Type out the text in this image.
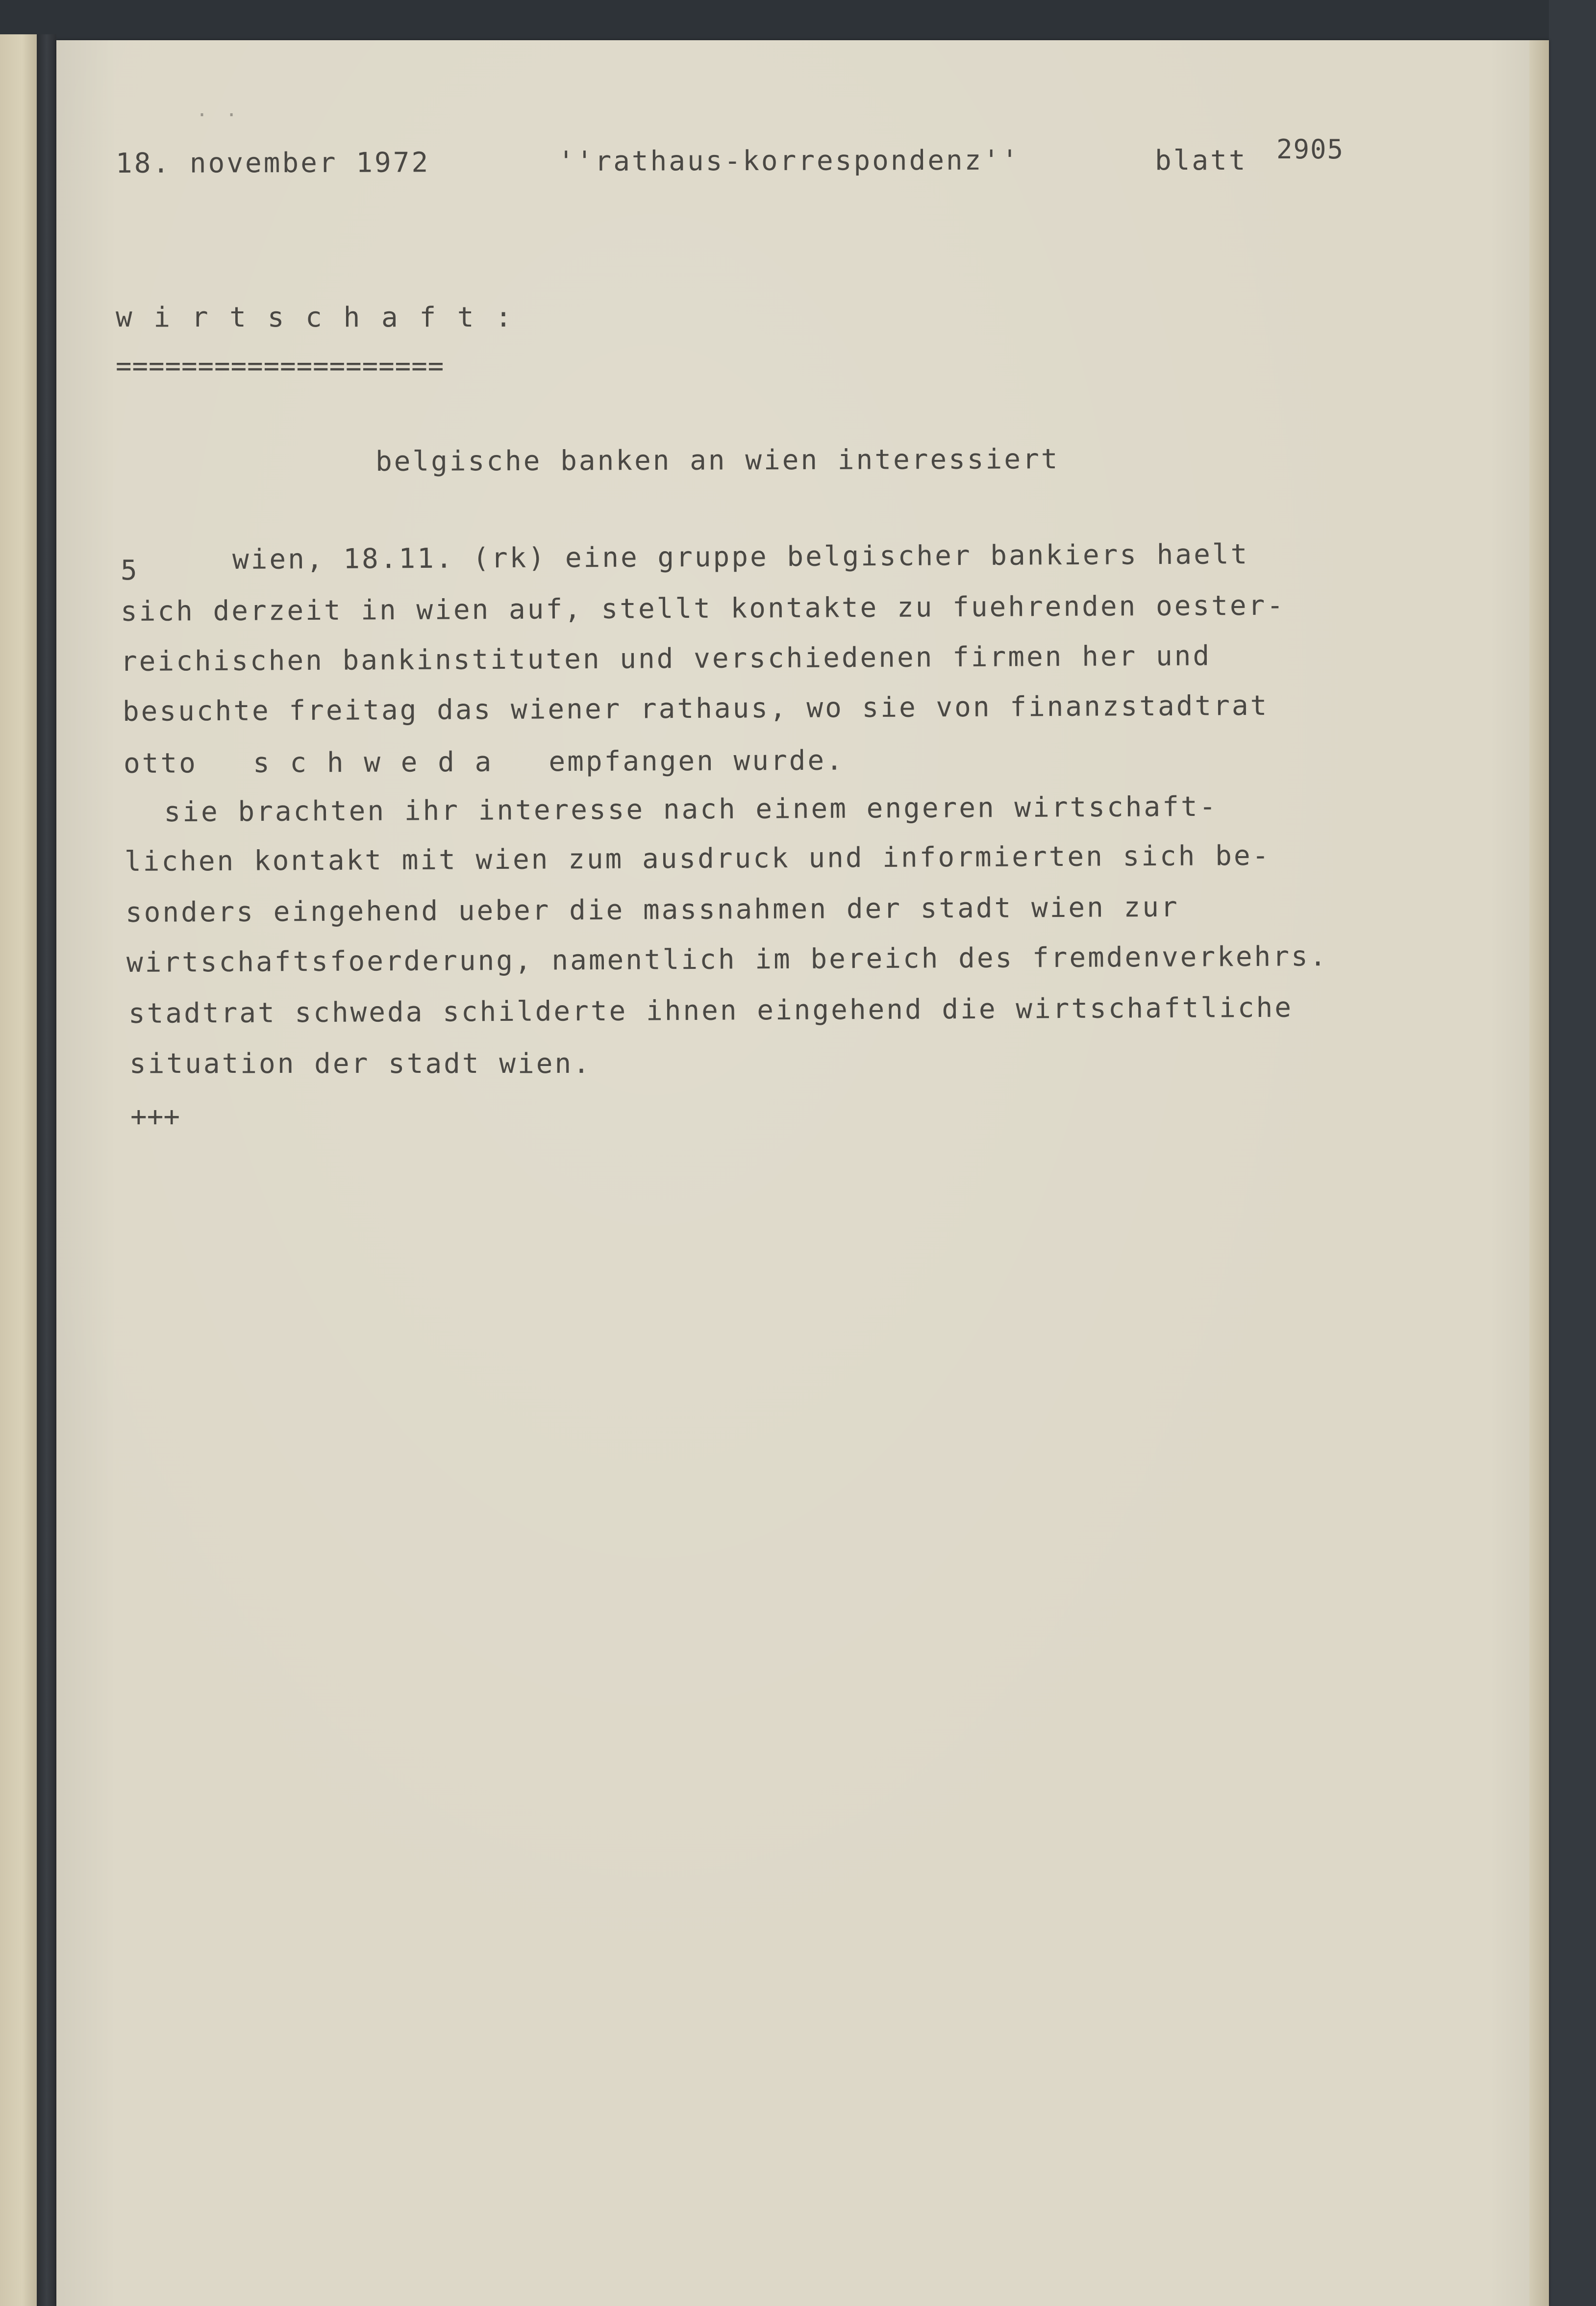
· ·
18. november 1972	''rathaus-korrespondenz''	blatt 2905
w i r t s c h a f t :
====================
belgische banken an wien interessiert
5	wien, 18.11. (rk) eine gruppe belgischer bankiers haelt
sich derzeit in wien auf, stellt kontakte zu fuehrenden oester-
reichischen bankinstituten und verschiedenen firmen her und
besuchte freitag das wiener rathaus, wo sie von finanzstadtrat
otto   s c h w e d a   empfangen wurde.
sie brachten ihr interesse nach einem engeren wirtschaft-
lichen kontakt mit wien zum ausdruck und informierten sich be-
sonders eingehend ueber die massnahmen der stadt wien zur
wirtschaftsfoerderung, namentlich im bereich des fremdenverkehrs.
stadtrat schweda schilderte ihnen eingehend die wirtschaftliche
situation der stadt wien.
+++
